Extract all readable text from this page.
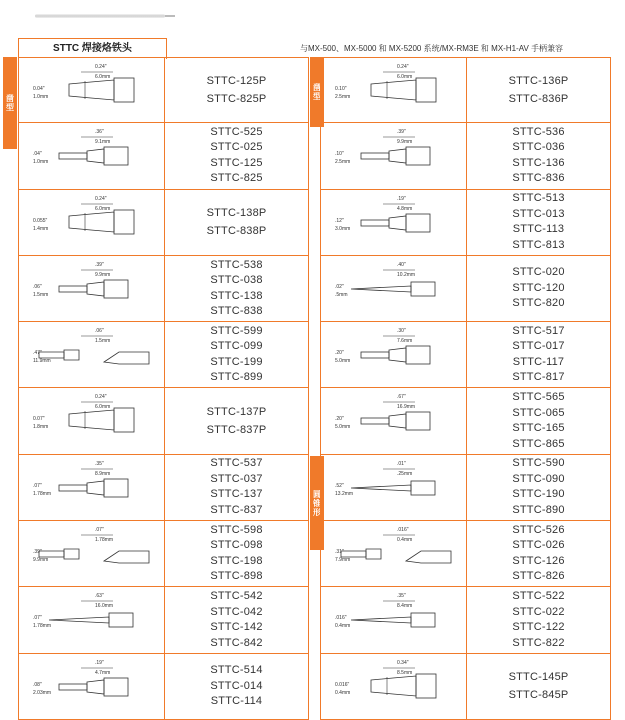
STTC 焊接烙铁头	与MX-500、MX-5000 和 MX-5200 系统/MX-RM3E 和 MX-H1-AV 手柄兼容
凿型
凿型
圆锥形
0.24"
6.0mm
0.04"
1.0mm
STTC-125P
STTC-825P
.36"
9.1mm
.04"
1.0mm
STTC-525
STTC-025
STTC-125
STTC-825
0.24"
6.0mm
0.055"
1.4mm
STTC-138P
STTC-838P
.39"
9.9mm
.06"
1.5mm
STTC-538
STTC-038
STTC-138
STTC-838
.06"
1.5mm
.47"
11.9mm
STTC-599
STTC-099
STTC-199
STTC-899
0.24"
6.0mm
0.07"
1.8mm
STTC-137P
STTC-837P
.35"
8.9mm
.07"
1.78mm
STTC-537
STTC-037
STTC-137
STTC-837
.07"
1.78mm
.39"
9.9mm
STTC-598
STTC-098
STTC-198
STTC-898
.63"
16.0mm
.07"
1.78mm
STTC-542
STTC-042
STTC-142
STTC-842
.19"
4.7mm
.08"
2.03mm
STTC-514
STTC-014
STTC-114
0.24"
6.0mm
0.10"
2.5mm
STTC-136P
STTC-836P
.39"
9.9mm
.10"
2.5mm
STTC-536
STTC-036
STTC-136
STTC-836
.19"
4.8mm
.12"
3.0mm
STTC-513
STTC-013
STTC-113
STTC-813
.40"
10.2mm
.02"
.5mm
STTC-020
STTC-120
STTC-820
.30"
7.6mm
.20"
5.0mm
STTC-517
STTC-017
STTC-117
STTC-817
.67"
16.9mm
.20"
5.0mm
STTC-565
STTC-065
STTC-165
STTC-865
.01"
.25mm
.52"
13.2mm
STTC-590
STTC-090
STTC-190
STTC-890
.016"
0.4mm
.31"
7.9mm
STTC-526
STTC-026
STTC-126
STTC-826
.35"
8.4mm
.016"
0.4mm
STTC-522
STTC-022
STTC-122
STTC-822
0.34"
8.5mm
0.016"
0.4mm
STTC-145P
STTC-845P
